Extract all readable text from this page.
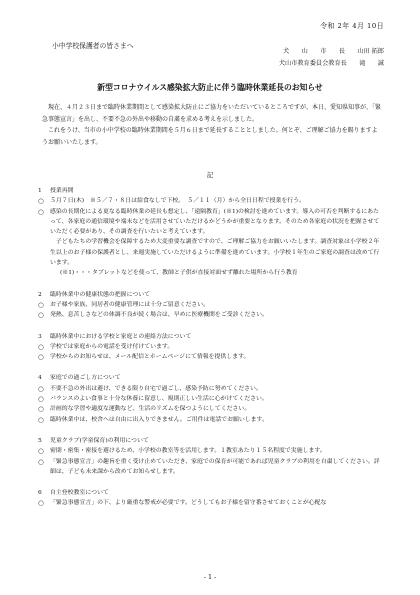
令和 2年 4月 10日
小中学校保護者の皆さまへ
犬　　山　　市　　長　　山田 拓郎
犬山市教育委員会教育長　　滝　　誠
新型コロナウイルス感染拡大防止に伴う臨時休業延長のお知らせ

現在、４月２３日まで臨時休業期間として感染拡大防止にご協力をいただいているところですが、本日、愛知県知事が、「緊急事態宣言」を出し、不要不急の外出や移動の自粛を求める考えを示しました。

これをうけ、当市の小中学校の臨時休業期間を５月６日まで延長することとしました。何とぞ、ご理解ご協力を賜りますようお願いいたします。

記

1 授業再開

○	５月７日(木)　※５／７・８日は給食なしで下校。　５／１１（月）から全日日程で授業を行う。
○	感染の長期化による更なる臨時休業の延長も想定し、「遠隔教育」(※1)の検討を進めています。導入の可否を判断するにあたって、各家庭の通信環境や端末などを活用させていただけるかどうかが重要となります。そのため各家庭の状況を把握させていただく必要があり、その調査を行いたいと考えています。

子どもたちの学習機会を保障するため大変重要な調査ですので、ご理解ご協力をお願いいたします。調査対象は小学校２年生以上のお子様の保護者とし、来週実施していただけるように準備を進めています。小学校１年生のご家庭の調査は改めて行います。

(※1)・・・タブレットなどを使って、教師と子供が直接対面せず離れた場所から行う教育

2 臨時休業中の健康状態の把握について

○	お子様や家族、同居者の健康管理には十分ご留意ください。
○	発熱、息苦しさなどの体調不良が続く場合は、早めに医療機関をご受診ください。

3 臨時休業中における学校と家庭との連絡方法について

○	学校では家庭からの電話を受け付けています。
○	学校からのお知らせは、メール配信とホームページにて情報を提供します。

4 家庭での過ごし方について

○	不要不急の外出は避け、できる限り自宅で過ごし、感染予防に努めてください。
○	バランスのよい食事と十分な休養に留意し、規則正しい生活に心がけてください。
○	計画的な学習や適度な運動など、生活のリズムを保つようにしてください。
○	臨時休業中は、校舎へは自由に出入りできません。ご用件は電話でお願いします。

5 児童クラブ(学童保育)の利用について

○	密閉・密集・密接を避けるため、小学校の教室等を活用します。１教室あたり１５名程度で実施します。
○	「緊急事態宣言」の趣旨を重く受け止めていただき、家庭での保育が可能であれば児童クラブの利用を自粛してください。詳細は、子ども未来課から改めてお知らせします。

6 自主登校教室について

○	「緊急事態宣言」の下、より厳重な警戒が必要です。どうしてもお子様を留守番させておくことが心配な
- 1 -
